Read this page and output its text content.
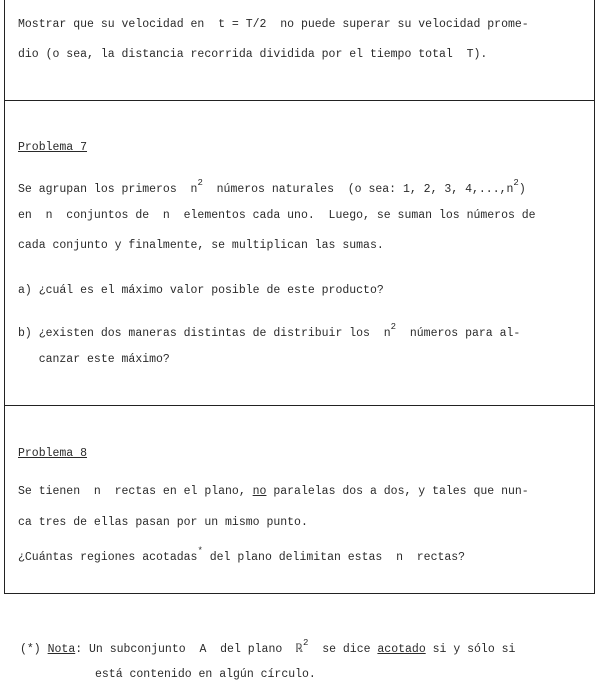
Mostrar que su velocidad en  t = T/2  no puede superar su velocidad prome-
dio (o sea, la distancia recorrida dividida por el tiempo total  T).
Problema 7
Se agrupan los primeros  $n^2$  números naturales  (o sea: 1, 2, 3, $4,...,n^2$)
en  n  conjuntos de  n  elementos cada uno.  Luego, se suman los números de
cada conjunto y finalmente, se multiplican las sumas.
a) ¿cuál es el máximo valor posible de este producto?
b) ¿existen dos maneras distintas de distribuir los  $n^2$  números para al-
canzar este máximo?
Problema 8
Se tienen  n  rectas en el plano, no paralelas dos a dos, y tales que nun-
ca tres de ellas pasan por un mismo punto.
¿Cuántas regiones acotadas* del plano delimitan estas  n  rectas?
(*) Nota: Un subconjunto  A  del plano  ℝ$^2$  se dice acotado si y sólo si
está contenido en algún círculo.
